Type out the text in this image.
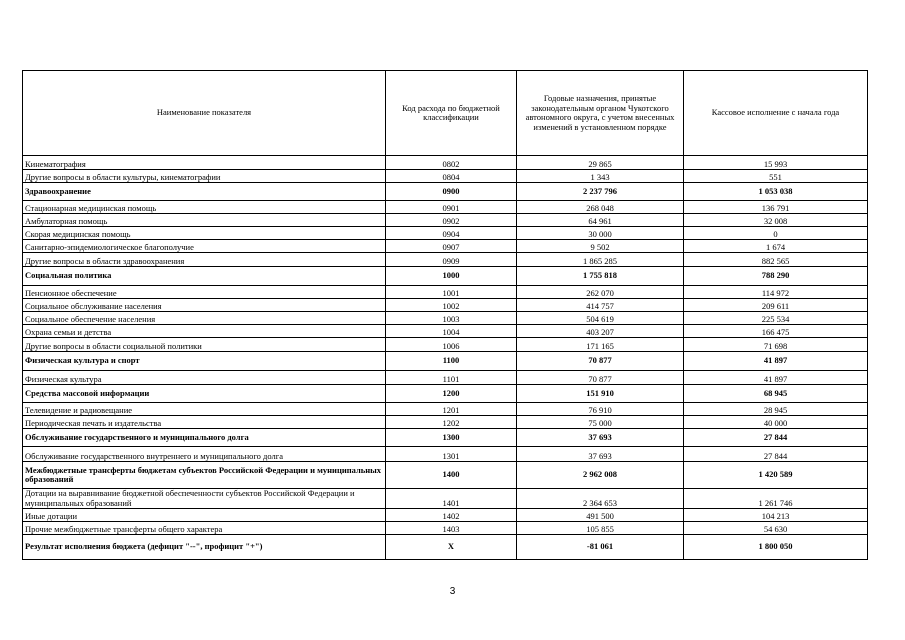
Наименование показателя	Код расхода по бюджетной классификации	Годовые назначения, принятые законодательным органом Чукотского автономного округа, с учетом внесенных изменений в установленном порядке	Кассовое исполнение с начала года
Кинематография	0802	29 865	15 993
Другие вопросы в области культуры, кинематографии	0804	1 343	551
Здравоохранение	0900	2 237 796	1 053 038
Стационарная медицинская помощь	0901	268 048	136 791
Амбулаторная помощь	0902	64 961	32 008
Скорая медицинская помощь	0904	30 000	0
Санитарно-эпидемиологическое благополучие	0907	9 502	1 674
Другие вопросы в области здравоохранения	0909	1 865 285	882 565
Социальная политика	1000	1 755 818	788 290
Пенсионное обеспечение	1001	262 070	114 972
Социальное обслуживание населения	1002	414 757	209 611
Социальное обеспечение населения	1003	504 619	225 534
Охрана семьи и детства	1004	403 207	166 475
Другие вопросы в области социальной политики	1006	171 165	71 698
Физическая культура и спорт	1100	70 877	41 897
Физическая культура	1101	70 877	41 897
Средства массовой информации	1200	151 910	68 945
Телевидение и радиовещание	1201	76 910	28 945
Периодическая печать и издательства	1202	75 000	40 000
Обслуживание государственного и муниципального долга	1300	37 693	27 844
Обслуживание государственного внутреннего и муниципального долга	1301	37 693	27 844
Межбюджетные трансферты бюджетам субъектов Российской Федерации и муниципальных образований	1400	2 962 008	1 420 589
Дотации на выравнивание бюджетной обеспеченности субъектов Российской Федерации и муниципальных образований	1401	2 364 653	1 261 746
Иные дотации	1402	491 500	104 213
Прочие межбюджетные трансферты общего характера	1403	105 855	54 630
Результат исполнения бюджета (дефицит "--", профицит "+")	X	-81 061	1 800 050
3
